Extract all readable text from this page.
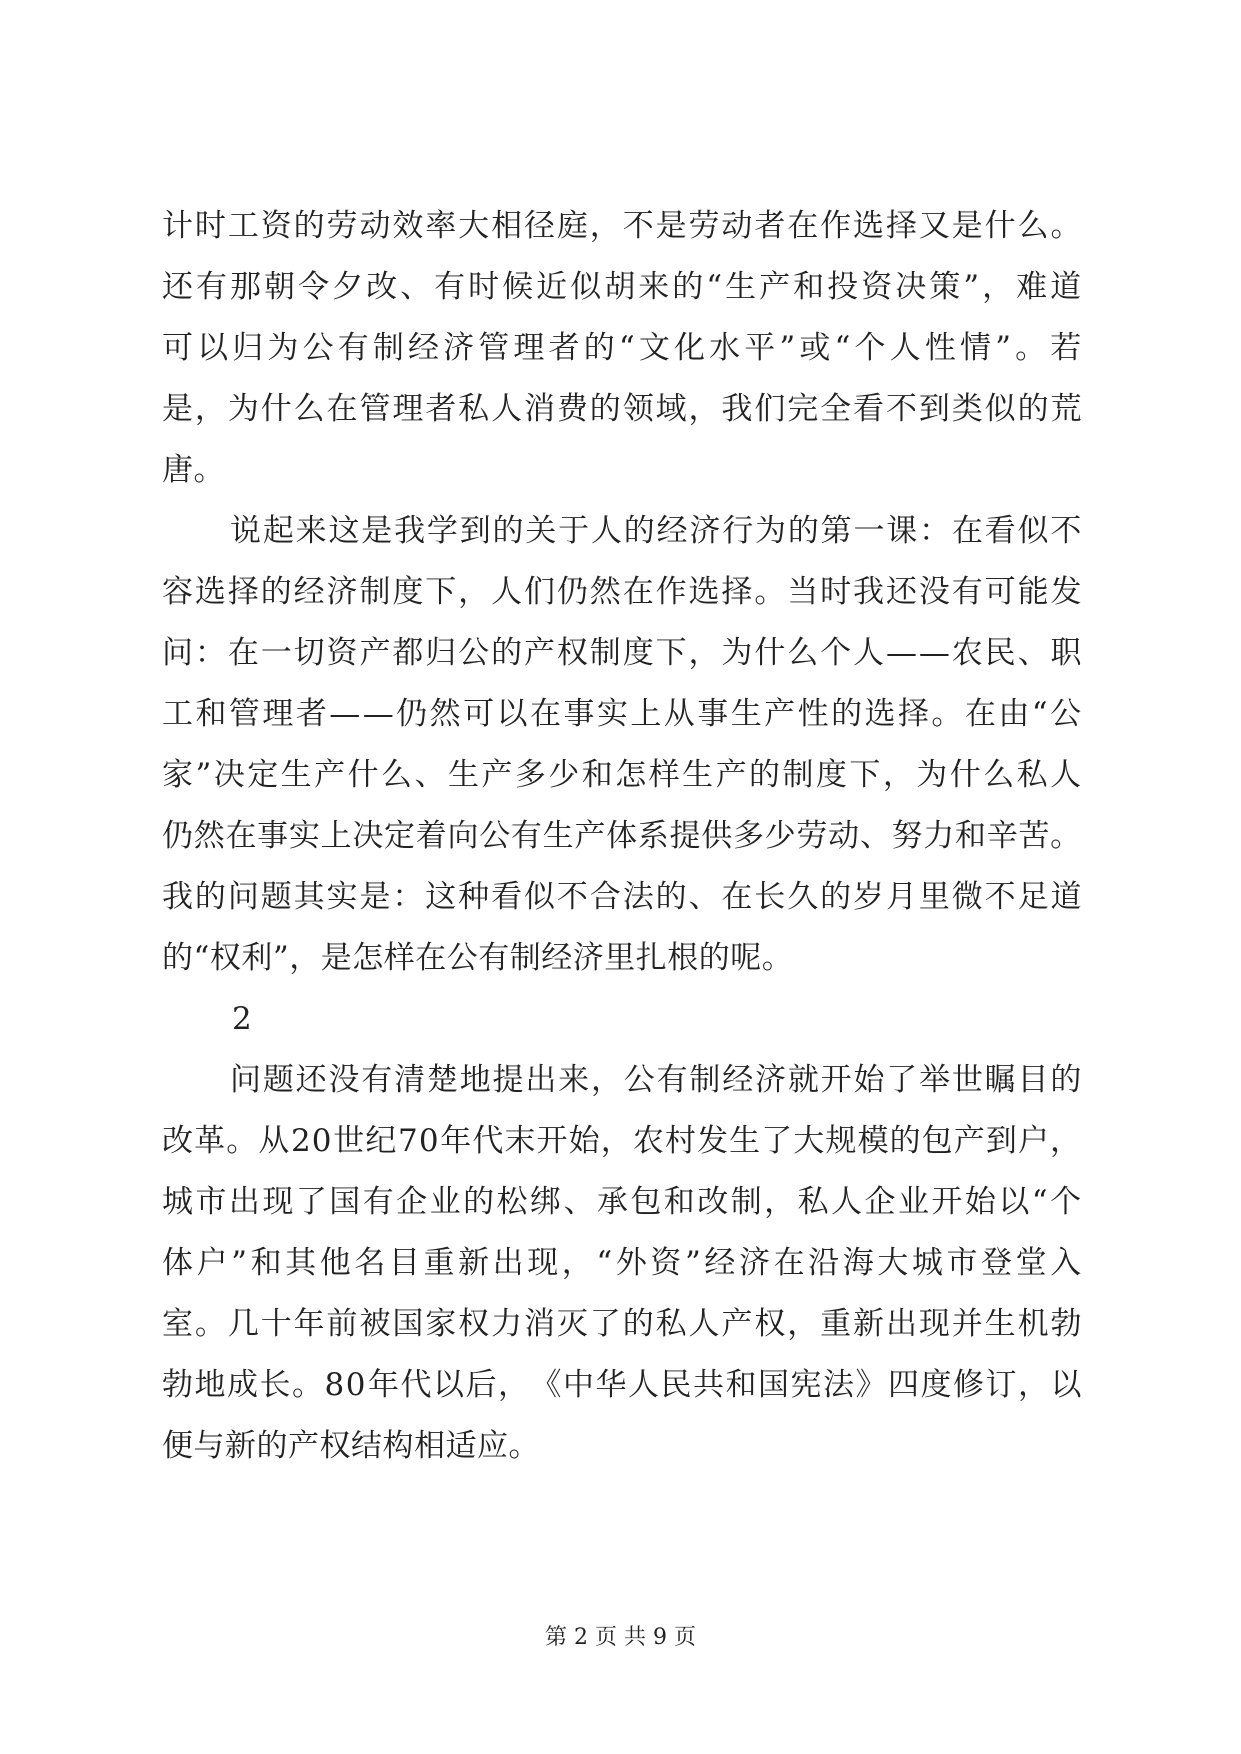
计 时 工 资 的 劳 动 效 率 大 相 径 庭 ， 不 是 劳 动 者 在 作 选 择 又 是 什 么 。
还 有 那 朝 令 夕 改 、 有 时 候 近 似 胡 来 的 “ 生 产 和 投 资 决 策 ” ， 难 道
可 以 归 为 公 有 制 经 济 管 理 者 的 “ 文 化 水 平 ” 或 “ 个 人 性 情 ” 。 若
是 ， 为 什 么 在 管 理 者 私 人 消 费 的 领 域 ， 我 们 完 全 看 不 到 类 似 的 荒
唐。
说 起 来 这 是 我 学 到 的 关 于 人 的 经 济 行 为 的 第 一 课 ： 在 看 似 不
容 选 择 的 经 济 制 度 下 ， 人 们 仍 然 在 作 选 择 。 当 时 我 还 没 有 可 能 发
问 ： 在 一 切 资 产 都 归 公 的 产 权 制 度 下 ， 为 什 么 个 人 — — 农 民 、 职
工 和 管 理 者 — — 仍 然 可 以 在 事 实 上 从 事 生 产 性 的 选 择 。 在 由 “ 公
家 ” 决 定 生 产 什 么 、 生 产 多 少 和 怎 样 生 产 的 制 度 下 ， 为 什 么 私 人
仍 然 在 事 实 上 决 定 着 向 公 有 生 产 体 系 提 供 多 少 劳 动 、 努 力 和 辛 苦 。
我 的 问 题 其 实 是 ： 这 种 看 似 不 合 法 的 、 在 长 久 的 岁 月 里 微 不 足 道
的“权利”，是怎样在公有制经济里扎根的呢。
2
问 题 还 没 有 清 楚 地 提 出 来 ， 公 有 制 经 济 就 开 始 了 举 世 瞩 目 的
改 革 。 从 2 0 世 纪 7 0 年 代 末 开 始 ， 农 村 发 生 了 大 规 模 的 包 产 到 户 ，
城 市 出 现 了 国 有 企 业 的 松 绑 、 承 包 和 改 制 ， 私 人 企 业 开 始 以 “ 个
体 户 ” 和 其 他 名 目 重 新 出 现 ， “ 外 资 ” 经 济 在 沿 海 大 城 市 登 堂 入
室 。 几 十 年 前 被 国 家 权 力 消 灭 了 的 私 人 产 权 ， 重 新 出 现 并 生 机 勃
勃 地 成 长 。 8 0 年 代 以 后 ， 《 中 华 人 民 共 和 国 宪 法 》 四 度 修 订 ， 以
便与新的产权结构相适应。
第 2 页 共 9 页
